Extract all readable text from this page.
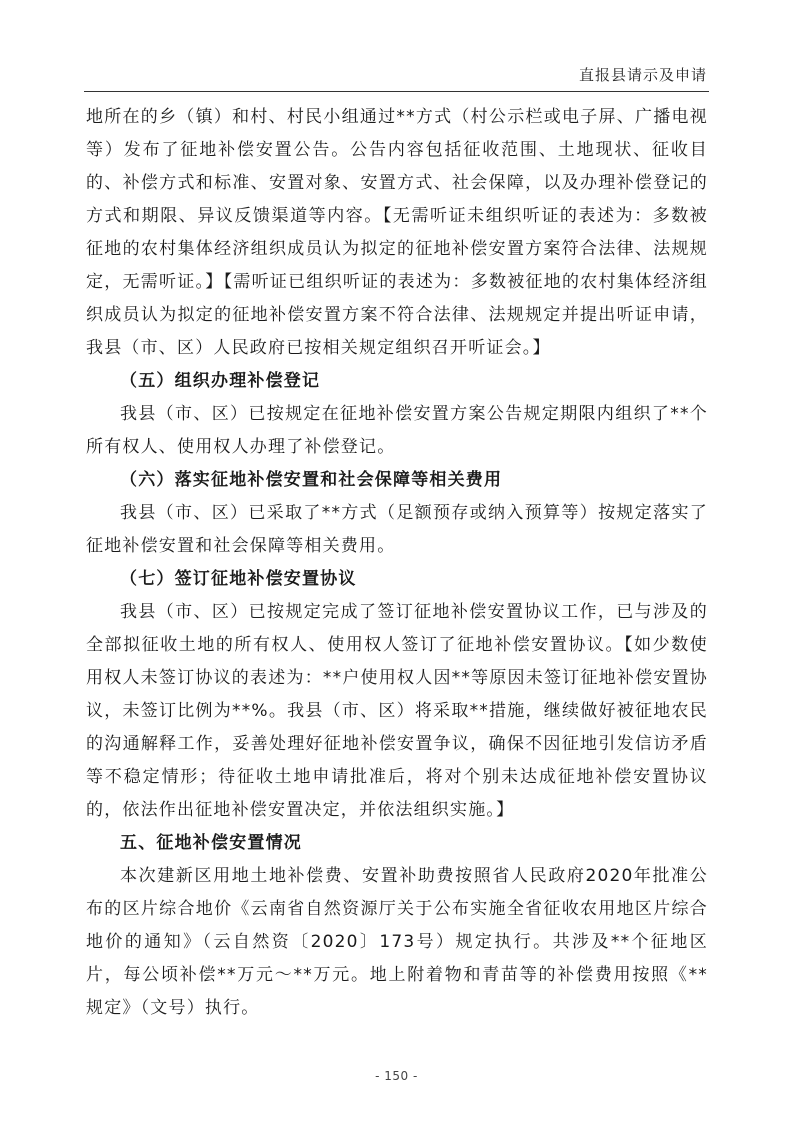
直报县请示及申请

地所在的乡（镇）和村、村民小组通过**方式（村公示栏或电子屏、广播电视等）发布了征地补偿安置公告。公告内容包括征收范围、土地现状、征收目的、补偿方式和标准、安置对象、安置方式、社会保障，以及办理补偿登记的方式和期限、异议反馈渠道等内容。【无需听证未组织听证的表述为：多数被征地的农村集体经济组织成员认为拟定的征地补偿安置方案符合法律、法规规定，无需听证。】【需听证已组织听证的表述为：多数被征地的农村集体经济组织成员认为拟定的征地补偿安置方案不符合法律、法规规定并提出听证申请，我县（市、区）人民政府已按相关规定组织召开听证会。】

（五）组织办理补偿登记

我县（市、区）已按规定在征地补偿安置方案公告规定期限内组织了**个所有权人、使用权人办理了补偿登记。

（六）落实征地补偿安置和社会保障等相关费用

我县（市、区）已采取了**方式（足额预存或纳入预算等）按规定落实了征地补偿安置和社会保障等相关费用。

（七）签订征地补偿安置协议

我县（市、区）已按规定完成了签订征地补偿安置协议工作，已与涉及的全部拟征收土地的所有权人、使用权人签订了征地补偿安置协议。【如少数使用权人未签订协议的表述为：**户使用权人因**等原因未签订征地补偿安置协议，未签订比例为**%。我县（市、区）将采取**措施，继续做好被征地农民的沟通解释工作，妥善处理好征地补偿安置争议，确保不因征地引发信访矛盾等不稳定情形；待征收土地申请批准后，将对个别未达成征地补偿安置协议的，依法作出征地补偿安置决定，并依法组织实施。】

五、征地补偿安置情况

本次建新区用地土地补偿费、安置补助费按照省人民政府2020年批准公布的区片综合地价《云南省自然资源厅关于公布实施全省征收农用地区片综合地价的通知》（云自然资〔2020〕173号）规定执行。共涉及**个征地区片，每公顷补偿**万元～**万元。地上附着物和青苗等的补偿费用按照《**规定》（文号）执行。

- 150 -
